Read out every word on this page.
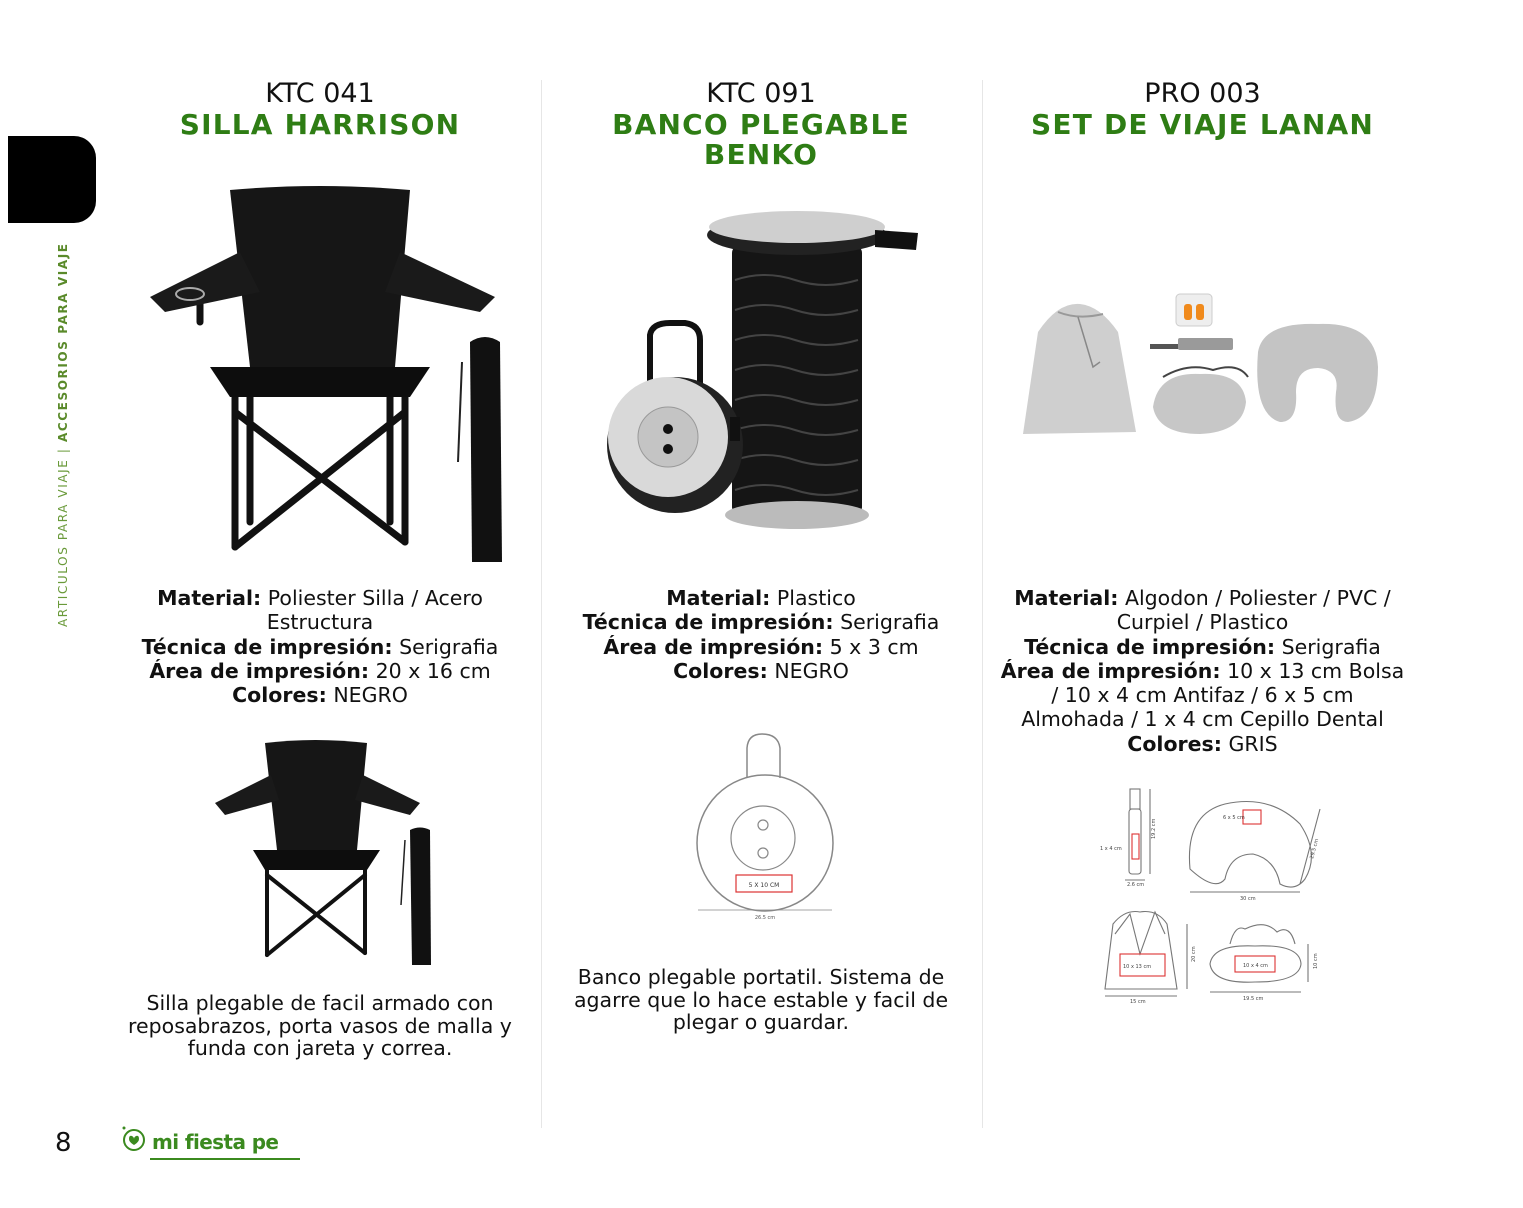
ARTICULOS PARA VIAJE | ACCESORIOS PARA VIAJE
KTC 041
SILLA HARRISON
Material: Poliester Silla / Acero Estructura
Técnica de impresión: Serigrafia
Área de impresión: 20 x 16 cm
Colores: NEGRO
Silla plegable de facil armado con reposabrazos, porta vasos de malla y funda con jareta y correa.
KTC 091
BANCO PLEGABLE BENKO
Material: Plastico
Técnica de impresión: Serigrafia
Área de impresión: 5 x 3 cm
Colores: NEGRO
5 X 10 CM
26.5 cm
Banco plegable portatil. Sistema de agarre que lo hace estable y facil de plegar o guardar.
PRO 003
SET DE VIAJE LANAN
Material: Algodon / Poliester / PVC / Curpiel / Plastico
Técnica de impresión: Serigrafia
Área de impresión: 10 x 13 cm Bolsa / 10 x 4 cm Antifaz / 6 x 5 cm Almohada / 1 x 4 cm Cepillo Dental
Colores: GRIS
1 x 4 cm
19.2 cm
2.6 cm
6 x 5 cm
30 cm
29.5 cm
10 x 13 cm
15 cm
20 cm
10 x 4 cm
19.5 cm
10 cm
8	mi fiesta pe
